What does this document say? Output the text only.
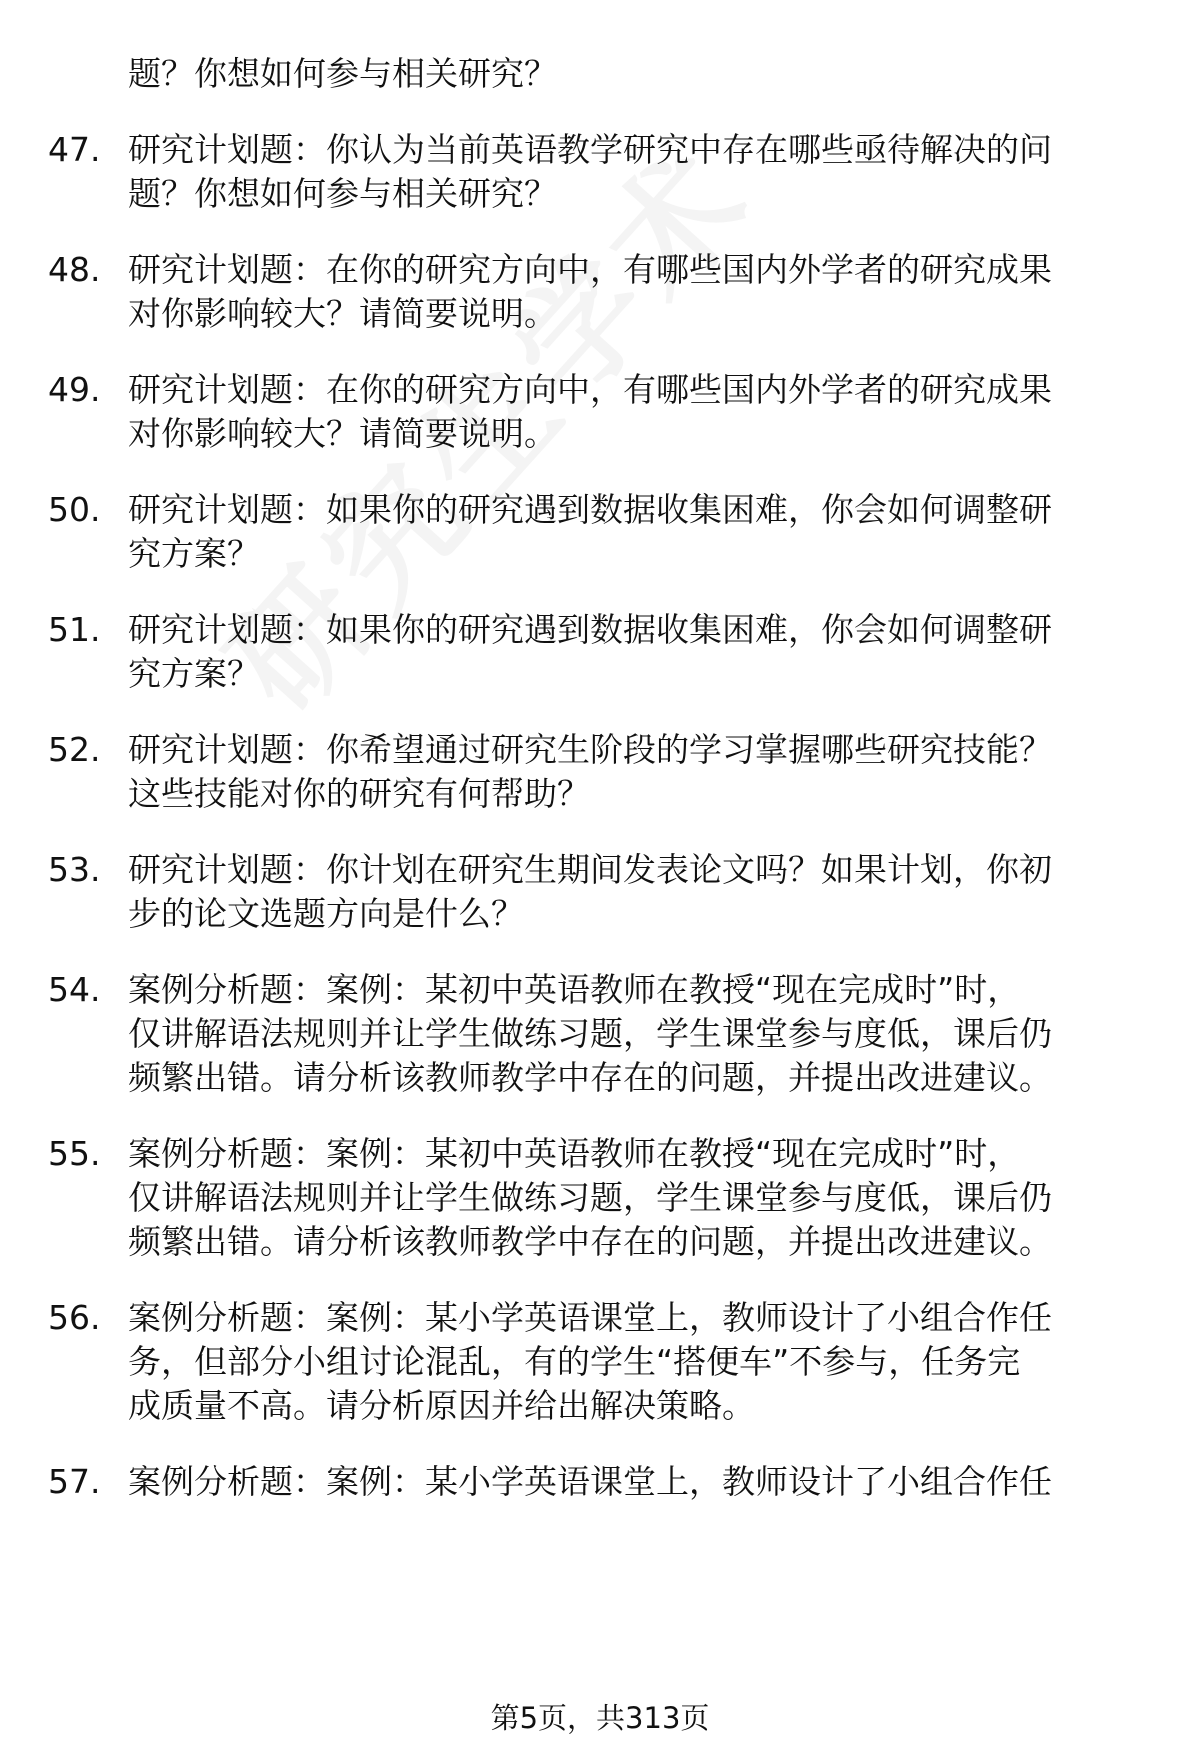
题？你想如何参与相关研究？
47. 研究计划题：你认为当前英语教学研究中存在哪些亟待解决的问
题？你想如何参与相关研究？
48. 研究计划题：在你的研究方向中，有哪些国内外学者的研究成果
对你影响较大？请简要说明。
49. 研究计划题：在你的研究方向中，有哪些国内外学者的研究成果
对你影响较大？请简要说明。
50. 研究计划题：如果你的研究遇到数据收集困难，你会如何调整研
究方案？
51. 研究计划题：如果你的研究遇到数据收集困难，你会如何调整研
究方案？
52. 研究计划题：你希望通过研究生阶段的学习掌握哪些研究技能？
这些技能对你的研究有何帮助？
53. 研究计划题：你计划在研究生期间发表论文吗？如果计划，你初
步的论文选题方向是什么？
54. 案例分析题：案例：某初中英语教师在教授“现在完成时”时，
仅讲解语法规则并让学生做练习题，学生课堂参与度低，课后仍
频繁出错。请分析该教师教学中存在的问题，并提出改进建议。
55. 案例分析题：案例：某初中英语教师在教授“现在完成时”时，
仅讲解语法规则并让学生做练习题，学生课堂参与度低，课后仍
频繁出错。请分析该教师教学中存在的问题，并提出改进建议。
56. 案例分析题：案例：某小学英语课堂上，教师设计了小组合作任
务，但部分小组讨论混乱，有的学生“搭便车”不参与，任务完
成质量不高。请分析原因并给出解决策略。
57. 案例分析题：案例：某小学英语课堂上，教师设计了小组合作任
第5页，共313页
